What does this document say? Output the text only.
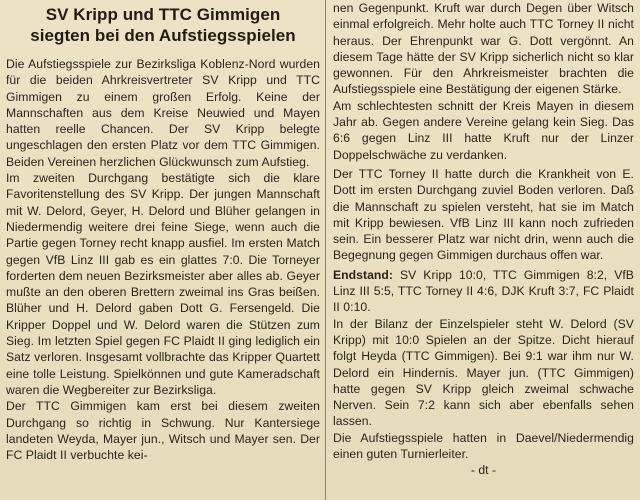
SV Kripp und TTC Gimmigen
siegten bei den Aufstiegsspielen

Die Aufstiegsspiele zur Bezirksliga Koblenz-Nord wurden für die beiden Ahrkreisvertreter SV Kripp und TTC Gimmigen zu einem großen Erfolg. Keine der Mannschaften aus dem Kreise Neuwied und Mayen hatten reelle Chancen. Der SV Kripp belegte ungeschlagen den ersten Platz vor dem TTC Gimmigen. Beiden Vereinen herzlichen Glückwunsch zum Aufstieg.

Im zweiten Durchgang bestätigte sich die klare Favoritenstellung des SV Kripp. Der jungen Mannschaft mit W. Delord, Geyer, H. Delord und Blüher gelangen in Niedermendig weitere drei feine Siege, wenn auch die Partie gegen Torney recht knapp ausfiel. Im ersten Match gegen VfB Linz III gab es ein glattes 7:0. Die Torneyer forderten dem neuen Bezirksmeister aber alles ab. Geyer mußte an den oberen Brettern zweimal ins Gras beißen. Blüher und H. Delord gaben Dott G. Fersengeld. Die Kripper Doppel und W. Delord waren die Stützen zum Sieg. Im letzten Spiel gegen FC Plaidt II ging lediglich ein Satz verloren. Insgesamt vollbrachte das Kripper Quartett eine tolle Leistung. Spielkönnen und gute Kameradschaft waren die Wegbereiter zur Bezirksliga.

Der TTC Gimmigen kam erst bei diesem zweiten Durchgang so richtig in Schwung. Nur Kantersiege landeten Weyda, Mayer jun., Witsch und Mayer sen. Der FC Plaidt II verbuchte kei-

nen Gegenpunkt. Kruft war durch Degen über Witsch einmal erfolgreich. Mehr holte auch TTC Torney II nicht heraus. Der Ehrenpunkt war G. Dott vergönnt. An diesem Tage hätte der SV Kripp sicherlich nicht so klar gewonnen. Für den Ahrkreismeister brachten die Aufstiegsspiele eine Bestätigung der eigenen Stärke.

Am schlechtesten schnitt der Kreis Mayen in diesem Jahr ab. Gegen andere Vereine gelang kein Sieg. Das 6:6 gegen Linz III hatte Kruft nur der Linzer Doppelschwäche zu verdanken.

Der TTC Torney II hatte durch die Krankheit von E. Dott im ersten Durchgang zuviel Boden verloren. Daß die Mannschaft zu spielen versteht, hat sie im Match mit Kripp bewiesen. VfB Linz III kann noch zufrieden sein. Ein besserer Platz war nicht drin, wenn auch die Begegnung gegen Gimmigen durchaus offen war.

Endstand: SV Kripp 10:0, TTC Gimmigen 8:2, VfB Linz III 5:5, TTC Torney II 4:6, DJK Kruft 3:7, FC Plaidt II 0:10.

In der Bilanz der Einzelspieler steht W. Delord (SV Kripp) mit 10:0 Spielen an der Spitze. Dicht hierauf folgt Heyda (TTC Gimmigen). Bei 9:1 war ihm nur W. Delord ein Hindernis. Mayer jun. (TTC Gimmigen) hatte gegen SV Kripp gleich zweimal schwache Nerven. Sein 7:2 kann sich aber ebenfalls sehen lassen.

Die Aufstiegsspiele hatten in Daevel/Niedermendig einen guten Turnierleiter.

- dt -
